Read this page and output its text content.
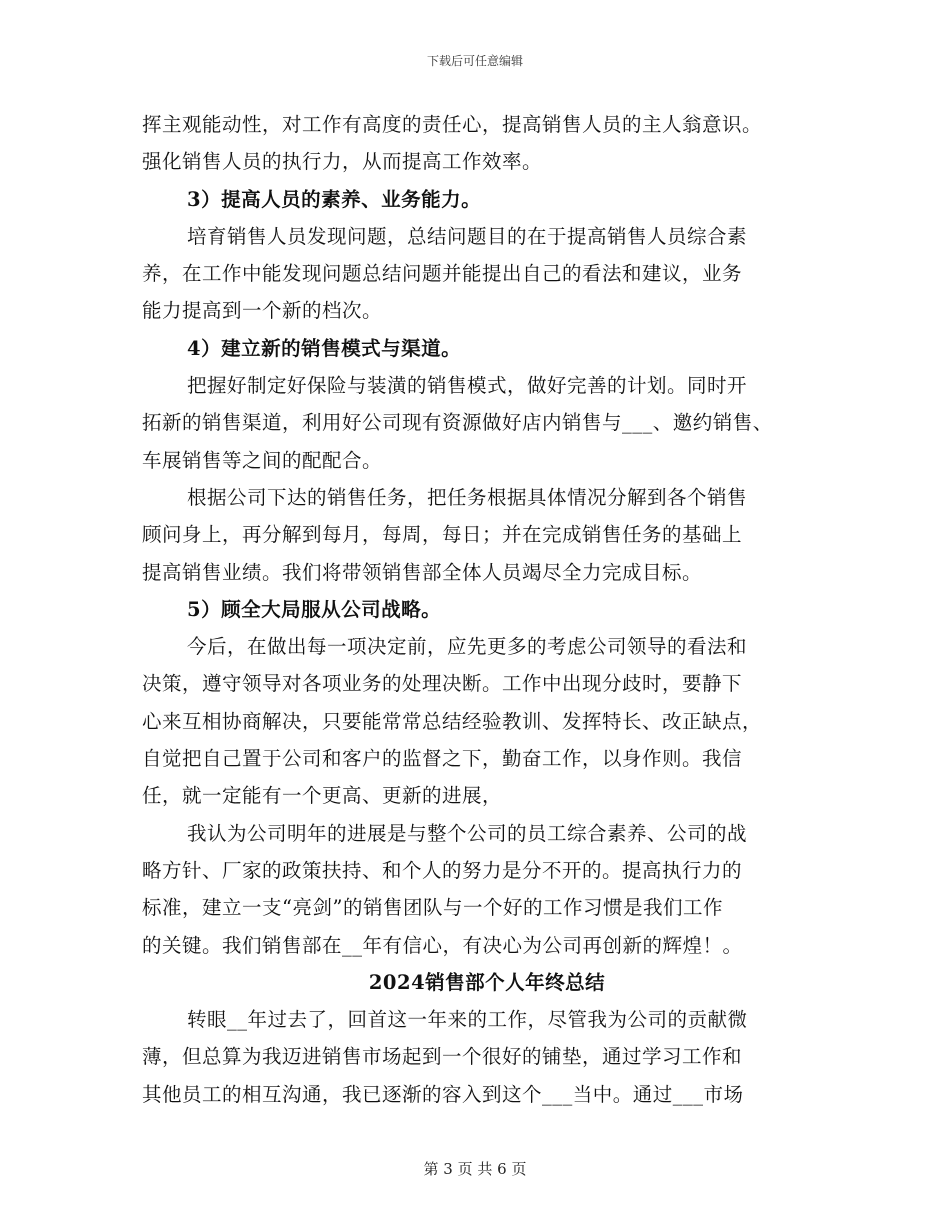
下载后可任意编辑
挥主观能动性，对工作有高度的责任心，提高销售人员的主人翁意识。
强化销售人员的执行力，从而提高工作效率。
3）提高人员的素养、业务能力。
培育销售人员发现问题，总结问题目的在于提高销售人员综合素
养，在工作中能发现问题总结问题并能提出自己的看法和建议，业务
能力提高到一个新的档次。
4）建立新的销售模式与渠道。
把握好制定好保险与装潢的销售模式，做好完善的计划。同时开
拓新的销售渠道，利用好公司现有资源做好店内销售与___、邀约销售、
车展销售等之间的配配合。
根据公司下达的销售任务，把任务根据具体情况分解到各个销售
顾问身上，再分解到每月，每周，每日；并在完成销售任务的基础上
提高销售业绩。我们将带领销售部全体人员竭尽全力完成目标。
5）顾全大局服从公司战略。
今后，在做出每一项决定前，应先更多的考虑公司领导的看法和
决策，遵守领导对各项业务的处理决断。工作中出现分歧时，要静下
心来互相协商解决，只要能常常总结经验教训、发挥特长、改正缺点，
自觉把自己置于公司和客户的监督之下，勤奋工作，以身作则。我信
任，就一定能有一个更高、更新的进展，
我认为公司明年的进展是与整个公司的员工综合素养、公司的战
略方针、厂家的政策扶持、和个人的努力是分不开的。提高执行力的
标准，建立一支“亮剑”的销售团队与一个好的工作习惯是我们工作
的关键。我们销售部在__年有信心，有决心为公司再创新的辉煌！。
2024销售部个人年终总结
转眼__年过去了，回首这一年来的工作，尽管我为公司的贡献微
薄，但总算为我迈进销售市场起到一个很好的铺垫，通过学习工作和
其他员工的相互沟通，我已逐渐的容入到这个___当中。通过___市场
第 3 页 共 6 页
